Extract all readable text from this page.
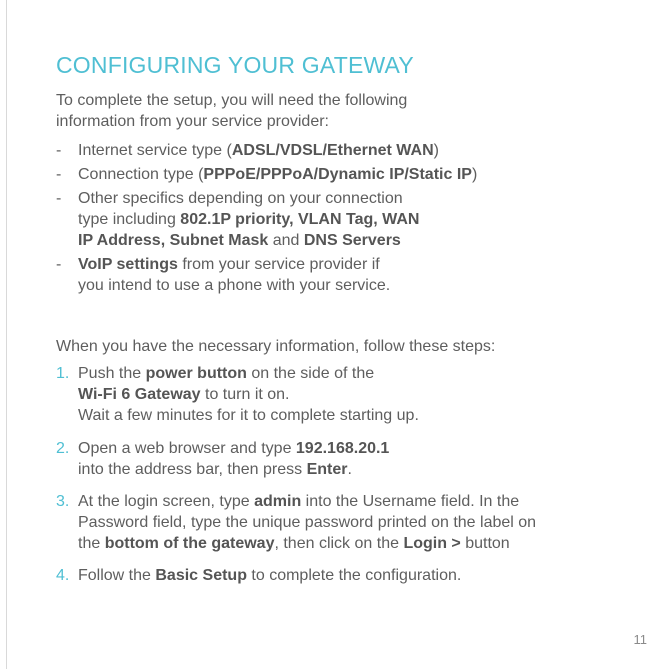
CONFIGURING YOUR GATEWAY
To complete the setup, you will need the following
information from your service provider:
- Internet service type (ADSL/VDSL/Ethernet WAN)
- Connection type (PPPoE/PPPoA/Dynamic IP/Static IP)
- Other specifics depending on your connection
type including 802.1P priority, VLAN Tag, WAN
IP Address, Subnet Mask and DNS Servers
- VoIP settings from your service provider if
you intend to use a phone with your service.
When you have the necessary information, follow these steps:
1. Push the power button on the side of the
Wi-Fi 6 Gateway to turn it on.
Wait a few minutes for it to complete starting up.
2. Open a web browser and type 192.168.20.1
into the address bar, then press Enter.
3. At the login screen, type admin into the Username field. In the
Password field, type the unique password printed on the label on
the bottom of the gateway, then click on the Login > button
4. Follow the Basic Setup to complete the configuration.
11
